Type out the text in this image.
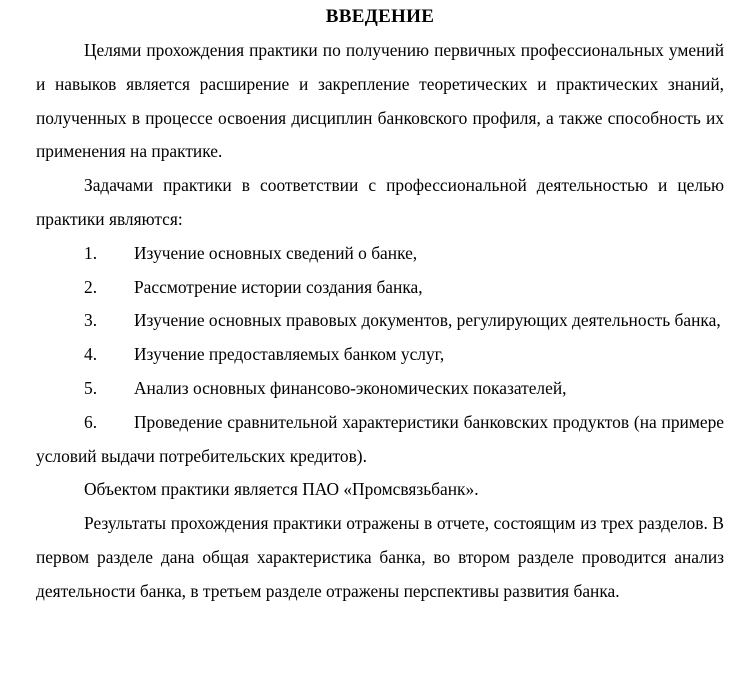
ВВЕДЕНИЕ

Целями прохождения практики по получению первичных профессиональных умений и навыков является расширение и закрепление теоретических и практических знаний, полученных в процессе освоения дисциплин банковского профиля, а также способность их применения на практике.

Задачами практики в соответствии с профессиональной деятельностью и целью практики являются:

1. Изучение основных сведений о банке,
2. Рассмотрение истории создания банка,
3. Изучение основных правовых документов, регулирующих деятельность банка,
4. Изучение предоставляемых банком услуг,
5. Анализ основных финансово-экономических показателей,
6. Проведение сравнительной характеристики банковских продуктов (на примере условий выдачи потребительских кредитов).

Объектом практики является ПАО «Промсвязьбанк».

Результаты прохождения практики отражены в отчете, состоящим из трех разделов. В первом разделе дана общая характеристика банка, во втором разделе проводится анализ деятельности банка, в третьем разделе отражены перспективы развития банка.
